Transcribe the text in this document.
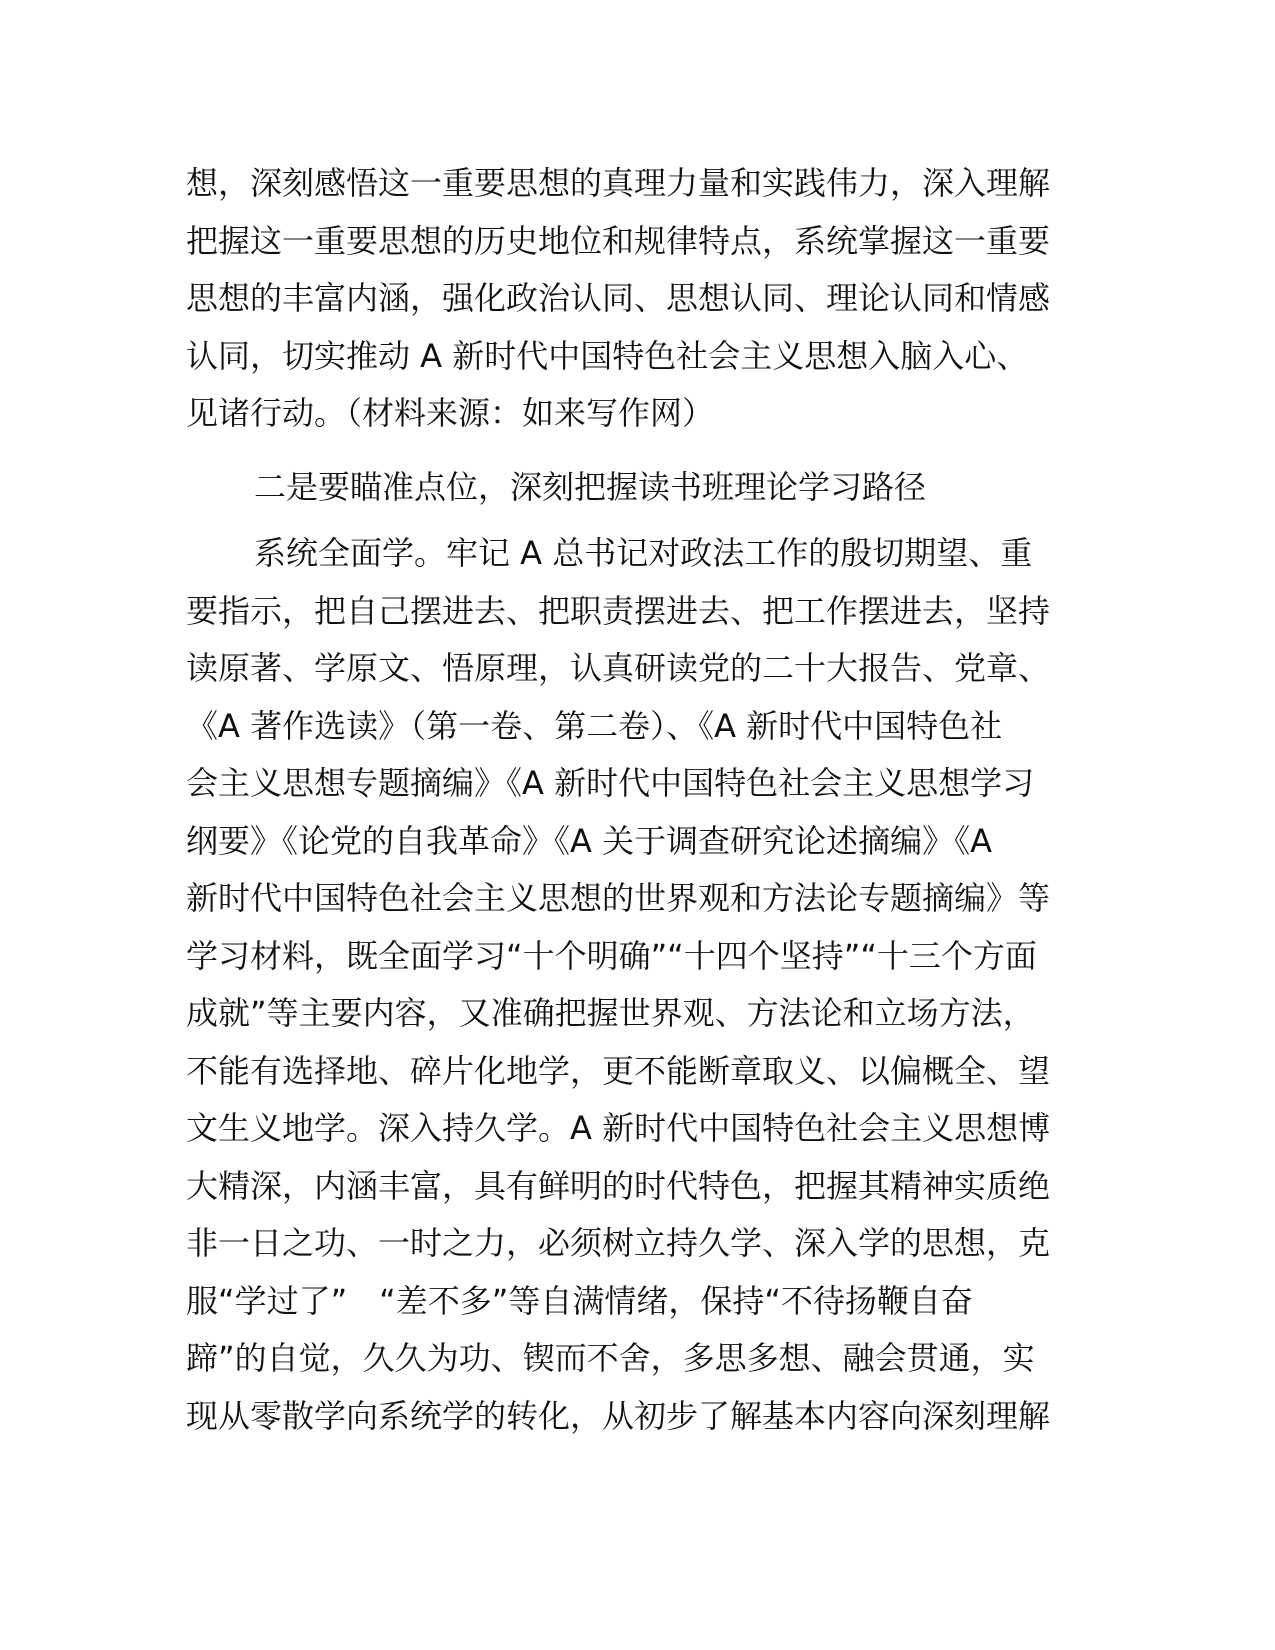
想，深刻感悟这一重要思想的真理力量和实践伟力，深入理解
把握这一重要思想的历史地位和规律特点，系统掌握这一重要
思想的丰富内涵，强化政治认同、思想认同、理论认同和情感
认同，切实推动 A 新时代中国特色社会主义思想入脑入心、
见诸行动。（材料来源：如来写作网）
二是要瞄准点位，深刻把握读书班理论学习路径
系统全面学。牢记 A 总书记对政法工作的殷切期望、重
要指示，把自己摆进去、把职责摆进去、把工作摆进去，坚持
读原著、学原文、悟原理，认真研读党的二十大报告、党章、
《A 著作选读》（第一卷、第二卷）、《A 新时代中国特色社
会主义思想专题摘编》《A 新时代中国特色社会主义思想学习
纲要》《论党的自我革命》《A 关于调查研究论述摘编》《A
新时代中国特色社会主义思想的世界观和方法论专题摘编》等
学习材料，既全面学习“十个明确”“十四个坚持”“十三个方面
成就”等主要内容，又准确把握世界观、方法论和立场方法，
不能有选择地、碎片化地学，更不能断章取义、以偏概全、望
文生义地学。深入持久学。A 新时代中国特色社会主义思想博
大精深，内涵丰富，具有鲜明的时代特色，把握其精神实质绝
非一日之功、一时之力，必须树立持久学、深入学的思想，克
服“学过了”　“差不多”等自满情绪，保持“不待扬鞭自奋
蹄”的自觉，久久为功、锲而不舍，多思多想、融会贯通，实
现从零散学向系统学的转化，从初步了解基本内容向深刻理解
